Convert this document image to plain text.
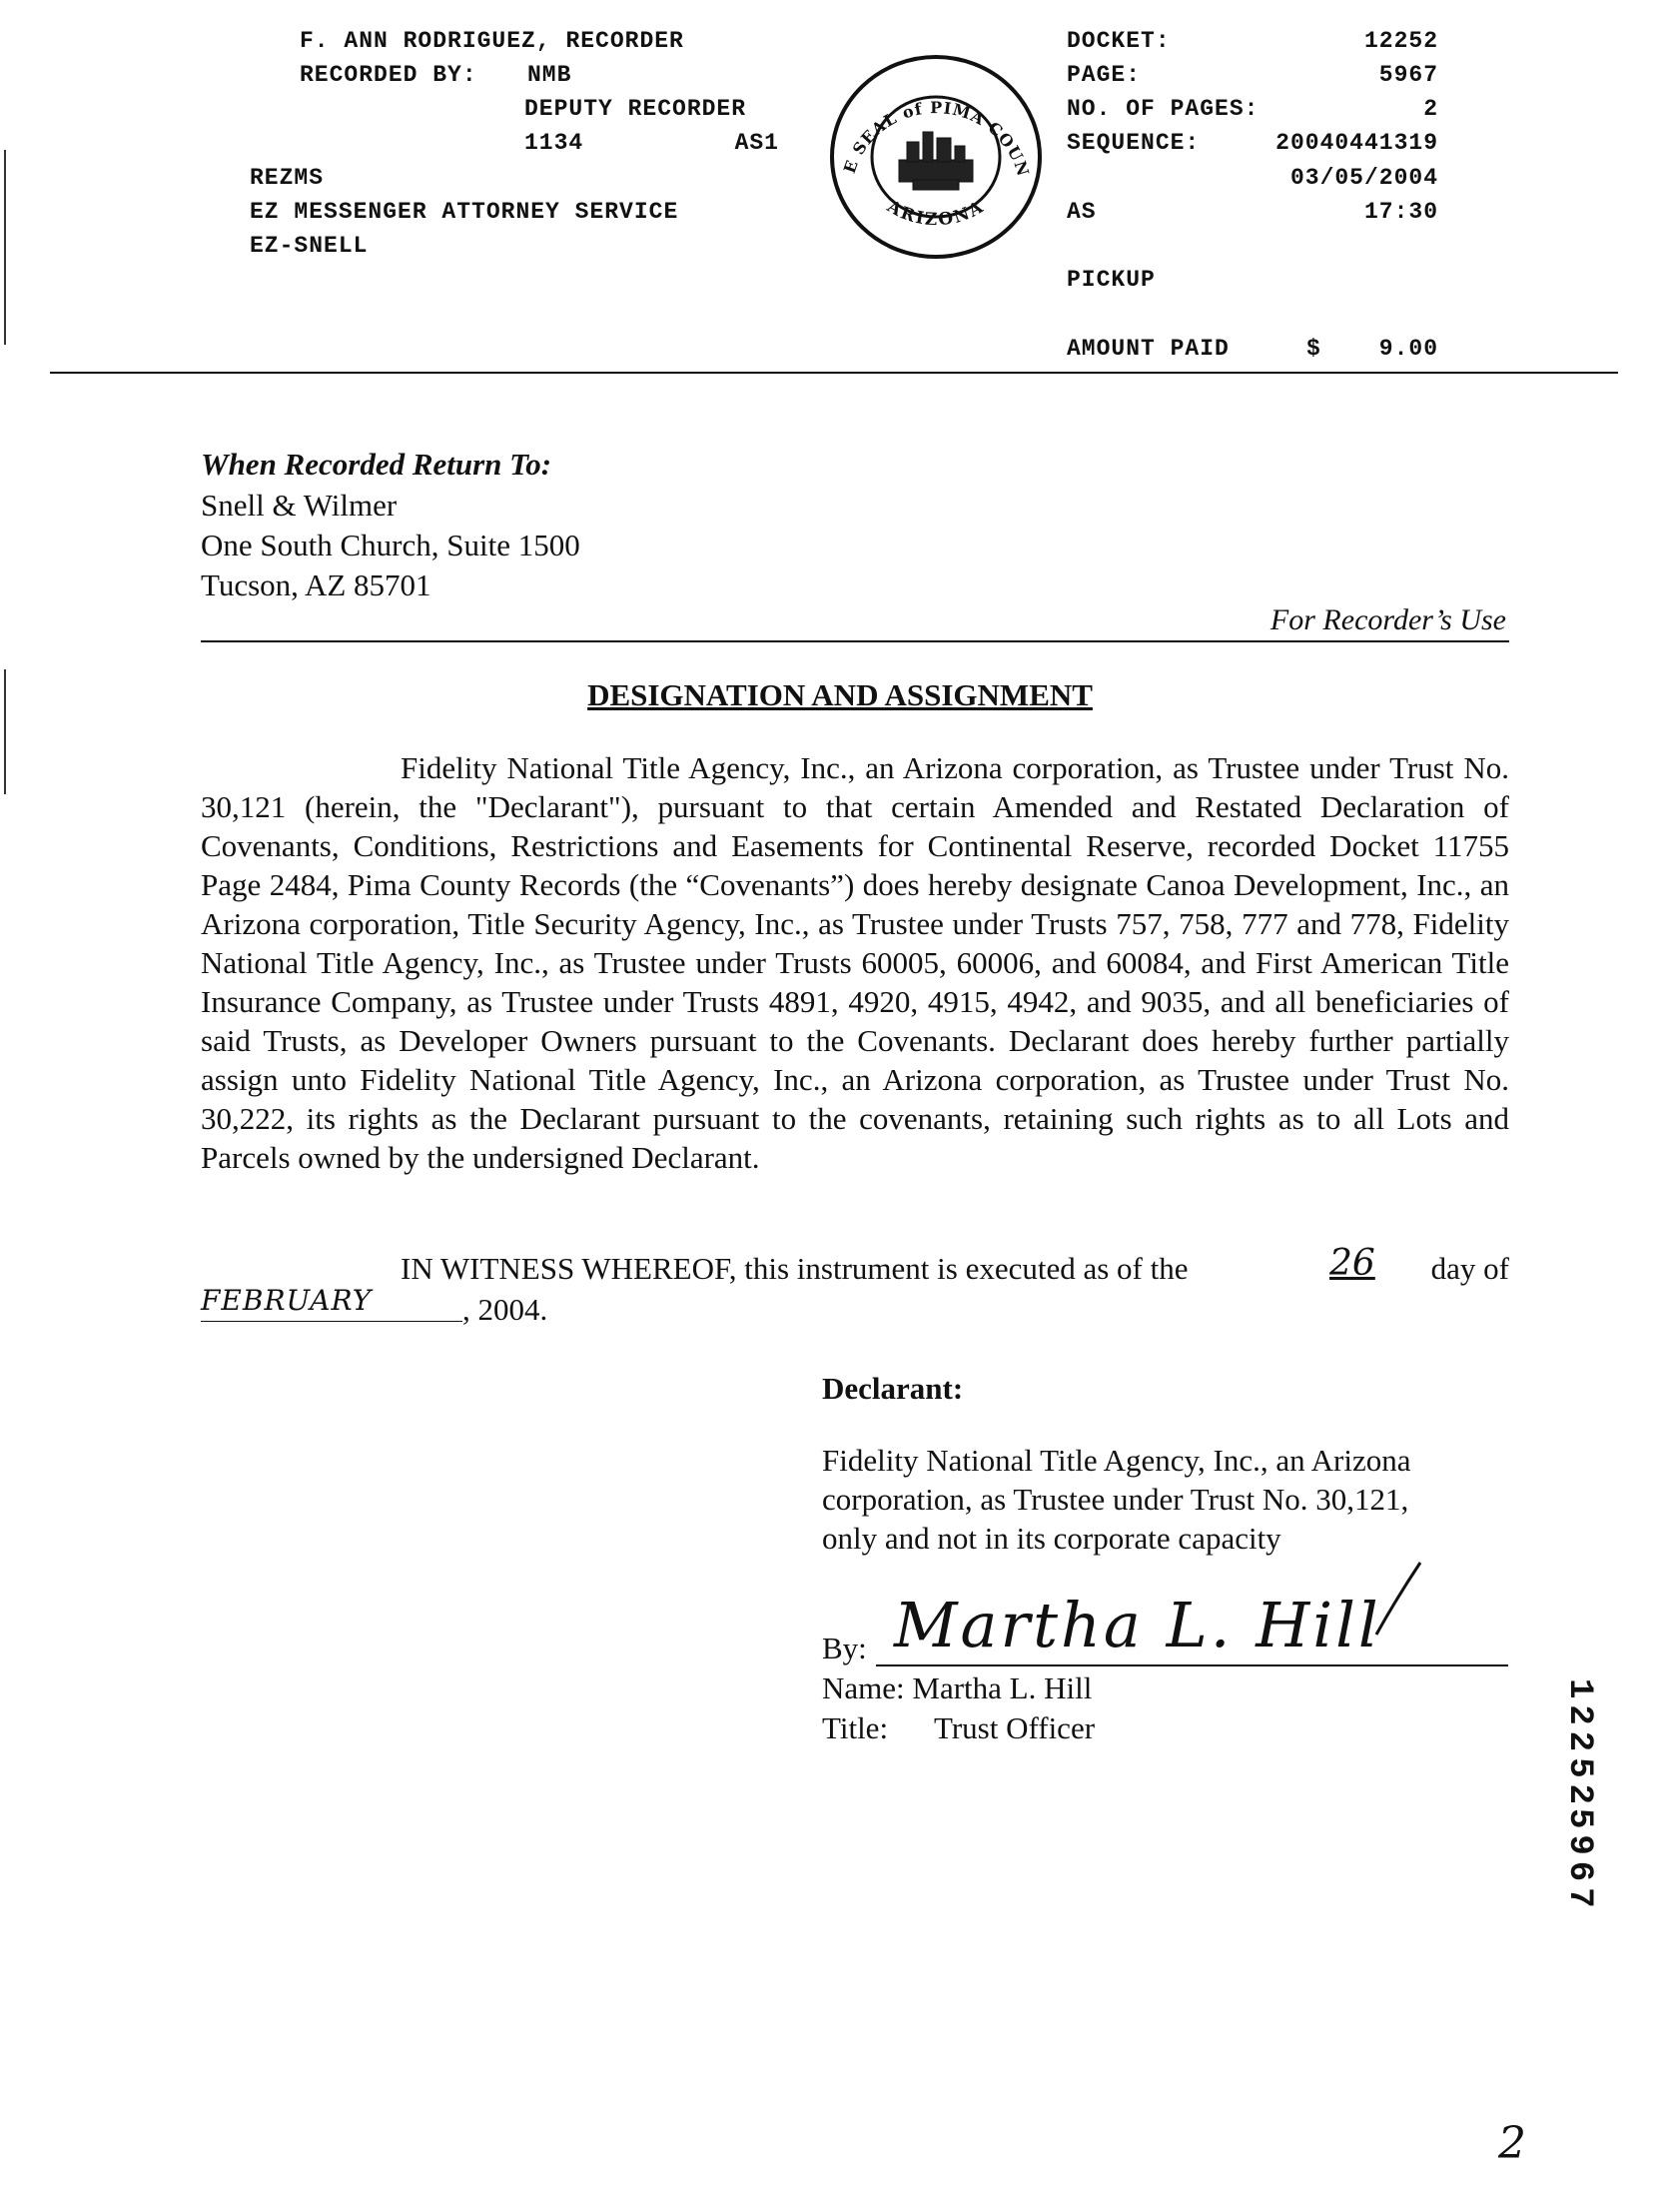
F. ANN RODRIGUEZ, RECORDER
RECORDED BY: NMB
DEPUTY RECORDER
1134	AS1
REZMS
EZ MESSENGER ATTORNEY SERVICE
EZ-SNELL
E SEAL of PIMA COUN
ARIZONA
DOCKET:	12252
PAGE:	5967
NO. OF PAGES:	2
SEQUENCE:	20040441319
03/05/2004
AS	17:30
PICKUP
AMOUNT PAID	$	9.00
When Recorded Return To:
Snell & Wilmer
One South Church, Suite 1500
Tucson, AZ 85701
For Recorder’s Use
DESIGNATION AND ASSIGNMENT
Fidelity National Title Agency, Inc., an Arizona corporation, as Trustee under Trust No. 30,121 (herein, the "Declarant"), pursuant to that certain Amended and Restated Declaration of Covenants, Conditions, Restrictions and Easements for Continental Reserve, recorded Docket 11755 Page 2484, Pima County Records (the “Covenants”) does hereby designate Canoa Development, Inc., an Arizona corporation, Title Security Agency, Inc., as Trustee under Trusts 757, 758, 777 and 778, Fidelity National Title Agency, Inc., as Trustee under Trusts 60005, 60006, and 60084, and First American Title Insurance Company, as Trustee under Trusts 4891, 4920, 4915, 4942, and 9035, and all beneficiaries of said Trusts, as Developer Owners pursuant to the Covenants. Declarant does hereby further partially assign unto Fidelity National Title Agency, Inc., an Arizona corporation, as Trustee under Trust No. 30,222, its rights as the Declarant pursuant to the covenants, retaining such rights as to all Lots and Parcels owned by the undersigned Declarant.
IN WITNESS WHEREOF, this instrument is executed as of the	26 day of
FEBRUARY	, 2004.
Declarant:
Fidelity National Title Agency, Inc., an Arizona
corporation, as Trustee under Trust No. 30,121,
only and not in its corporate capacity
By: Martha L. Hill
Name: Martha L. Hill
Title: Trust Officer	12252
5967
2
